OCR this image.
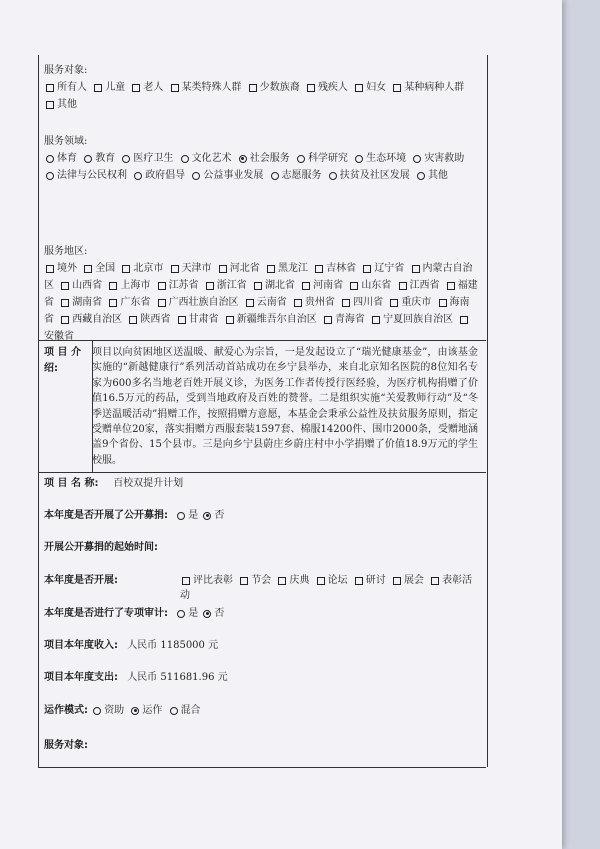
服务对象:
所有人 儿童 老人 某类特殊人群 少数族裔 残疾人 妇女 某种病种人群 其他
服务领域:
体育 教育 医疗卫生 文化艺术 社会服务 科学研究 生态环境 灾害救助 法律与公民权利 政府倡导 公益事业发展 志愿服务 扶贫及社区发展 其他
服务地区:
境外 全国 北京市 天津市 河北省 黑龙江 吉林省 辽宁省 内蒙古自治区 山西省 上海市 江苏省 浙江省 湖北省 河南省 山东省 江西省 福建省 湖南省 广东省 广西壮族自治区 云南省 贵州省 四川省 重庆市 海南省 西藏自治区 陕西省 甘肃省 新疆维吾尔自治区 青海省 宁夏回族自治区 安徽省
项 目 介 绍:
项目以向贫困地区送温暖、献爱心为宗旨，一是发起设立了“瑞光健康基金”，由该基金实施的“新越健康行”系列活动首站成功在乡宁县举办，来自北京知名医院的8位知名专家为600多名当地老百姓开展义诊，为医务工作者传授行医经验，为医疗机构捐赠了价值16.5万元的药品，受到当地政府及百姓的赞誉。二是组织实施“关爱教师行动”及“冬季送温暖活动”捐赠工作，按照捐赠方意愿，本基金会秉承公益性及扶贫服务原则，指定受赠单位20家，落实捐赠方西服套装1597套、棉服14200件、围巾2000条，受赠地涵盖9个省份、15个县市。三是向乡宁县蔚庄乡蔚庄村中小学捐赠了价值18.9万元的学生校服。
项 目 名 称: 百校双提升计划
本年度是否开展了公开募捐: 是 否
开展公开募捐的起始时间:
本年度是否开展:	评比表彰 节会 庆典 论坛 研讨 展会 表彰活动
本年度是否进行了专项审计: 是 否
项目本年度收入: 人民币 1185000 元
项目本年度支出: 人民币 511681.96 元
运作模式: 资助 运作 混合
服务对象:
